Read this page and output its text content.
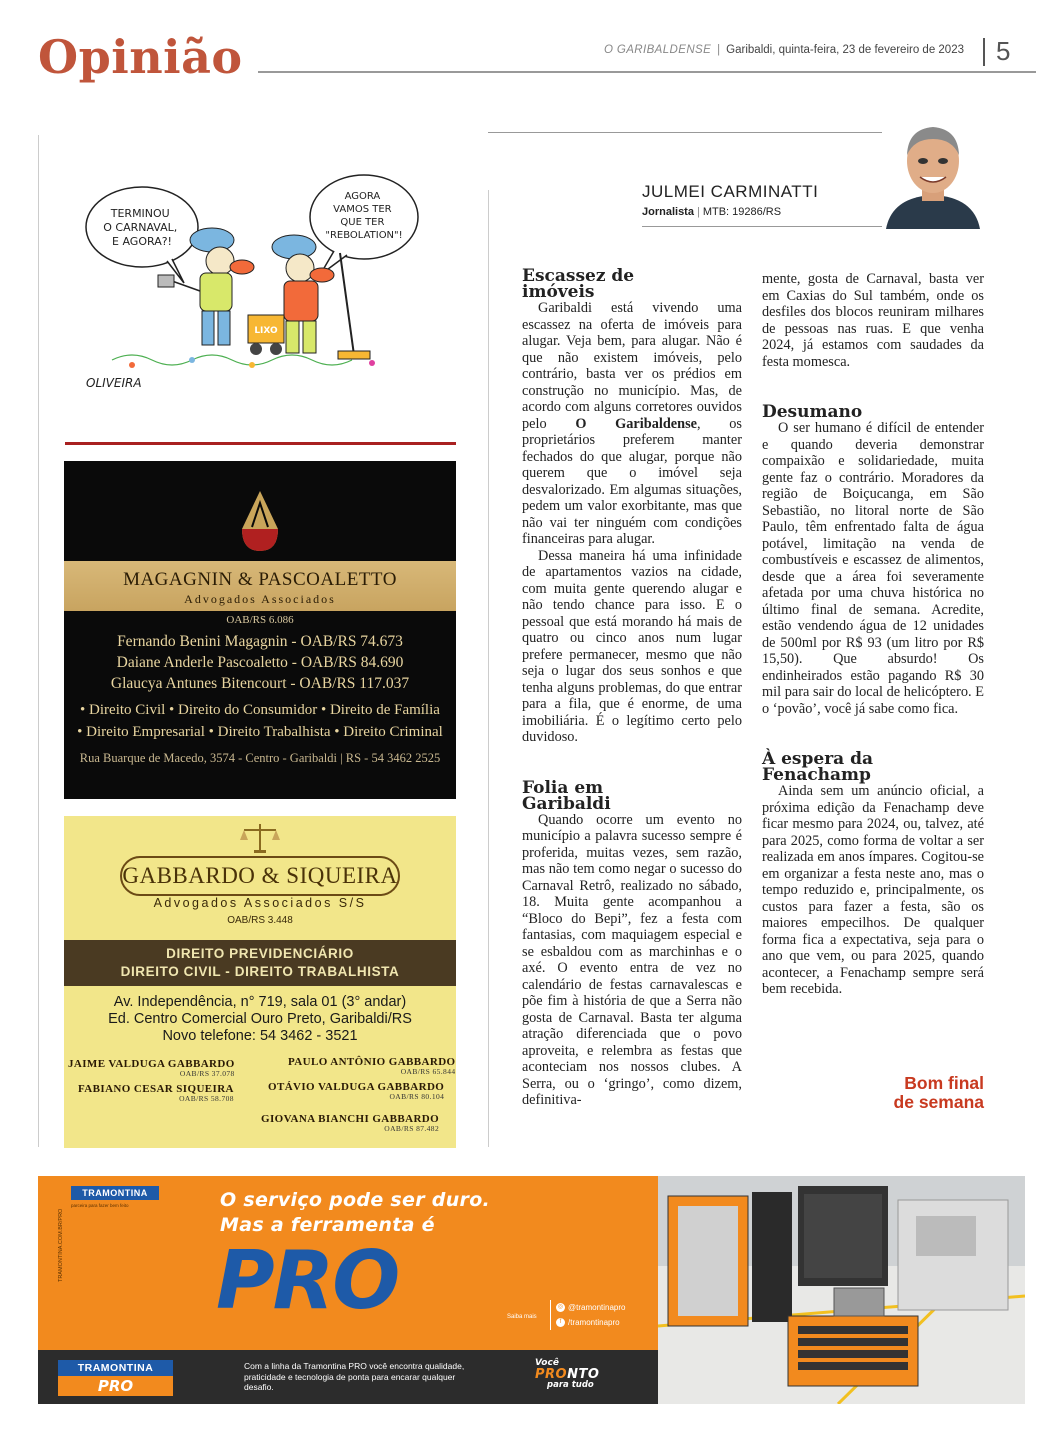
Opinião	O GARIBALDENSE | Garibaldi, quinta-feira, 23 de fevereiro de 2023 5
TERMINOU O CARNAVAL, E AGORA?!
AGORA VAMOS TER QUE TER "REBOLATION"!
LIXO
OLIVEIRA
MAGAGNIN & PASCOALETTO
Advogados Associados
OAB/RS 6.086
Fernando Benini Magagnin - OAB/RS 74.673
Daiane Anderle Pascoaletto - OAB/RS 84.690
Glaucya Antunes Bitencourt - OAB/RS 117.037
• Direito Civil • Direito do Consumidor • Direito de Família
• Direito Empresarial • Direito Trabalhista • Direito Criminal
Rua Buarque de Macedo, 3574 - Centro - Garibaldi | RS - 54 3462 2525
GABBARDO & SIQUEIRA
Advogados Associados S/S
OAB/RS 3.448
DIREITO PREVIDENCIÁRIO
DIREITO CIVIL - DIREITO TRABALHISTA
Av. Independência, n° 719, sala 01 (3° andar)
Ed. Centro Comercial Ouro Preto, Garibaldi/RS
Novo telefone: 54 3462 - 3521
JAIME VALDUGA GABBARDO
OAB/RS 37.078
PAULO ANTÔNIO GABBARDO
OAB/RS 65.844
FABIANO CESAR SIQUEIRA
OAB/RS 58.708
OTÁVIO VALDUGA GABBARDO
OAB/RS 80.104
GIOVANA BIANCHI GABBARDO
OAB/RS 87.482
JULMEI CARMINATTI
Jornalista | MTB: 19286/RS
Escassez de
imóveis

Garibaldi está vivendo uma escassez na oferta de imóveis para alugar. Veja bem, para alugar. Não é que não existem imóveis, pelo contrário, basta ver os prédios em construção no município. Mas, de acordo com alguns corretores ouvidos pelo O Garibaldense, os proprietários preferem manter fechados do que alugar, porque não querem que o imóvel seja desvalorizado. Em algumas situações, pedem um valor exorbitante, mas que não vai ter ninguém com condições financeiras para alugar.

Dessa maneira há uma infinidade de apartamentos vazios na cidade, com muita gente querendo alugar e não tendo chance para isso. E o pessoal que está morando há mais de quatro ou cinco anos num lugar prefere permanecer, mesmo que não seja o lugar dos seus sonhos e que tenha alguns problemas, do que entrar para a fila, que é enorme, de uma imobiliária. É o legítimo certo pelo duvidoso.

Folia em
Garibaldi

Quando ocorre um evento no município a palavra sucesso sempre é proferida, muitas vezes, sem razão, mas não tem como negar o sucesso do Carnaval Retrô, realizado no sábado, 18. Muita gente acompanhou a “Bloco do Bepi”, fez a festa com fantasias, com maquiagem especial e se esbaldou com as marchinhas e o axé. O evento entra de vez no calendário de festas carnavalescas e põe fim à história de que a Serra não gosta de Carnaval. Basta ter alguma atração diferenciada que o povo aproveita, e relembra as festas que aconteciam nos nossos clubes. A Serra, ou o ‘gringo’, como dizem, definitiva-

mente, gosta de Carnaval, basta ver em Caxias do Sul também, onde os desfiles dos blocos reuniram milhares de pessoas nas ruas. E que venha 2024, já estamos com saudades da festa momesca.

Desumano

O ser humano é difícil de entender e quando deveria demonstrar compaixão e solidariedade, muita gente faz o contrário. Moradores da região de Boiçucanga, em São Sebastião, no litoral norte de São Paulo, têm enfrentado falta de água potável, limitação na venda de combustíveis e escassez de alimentos, desde que a área foi severamente afetada por uma chuva histórica no último final de semana. Acredite, estão vendendo água de 12 unidades de 500ml por R$ 93 (um litro por R$ 15,50). Que absurdo! Os endinheirados estão pagando R$ 30 mil para sair do local de helicóptero. E o ‘povão’, você já sabe como fica.

À espera da
Fenachamp

Ainda sem um anúncio oficial, a próxima edição da Fenachamp deve ficar mesmo para 2024, ou, talvez, até para 2025, como forma de voltar a ser realizada em anos ímpares. Cogitou-se em organizar a festa neste ano, mas o tempo reduzido e, principalmente, os custos para fazer a festa, são os maiores empecilhos. De qualquer forma fica a expectativa, seja para o ano que vem, ou para 2025, quando acontecer, a Fenachamp sempre será bem recebida.

Bom final
de semana
TRAMONTINA
parceira para fazer bem feito
TRAMONTINA.COM.BR/PRO
O serviço pode ser duro.
Mas a ferramenta é
PRO	Saiba mais
◎ @tramontinapro
f /tramontinapro
TRAMONTINA
PRO
Com a linha da Tramontina PRO você encontra qualidade, praticidade e tecnologia de ponta para encarar qualquer desafio.
Você
PRONTO
para tudo
